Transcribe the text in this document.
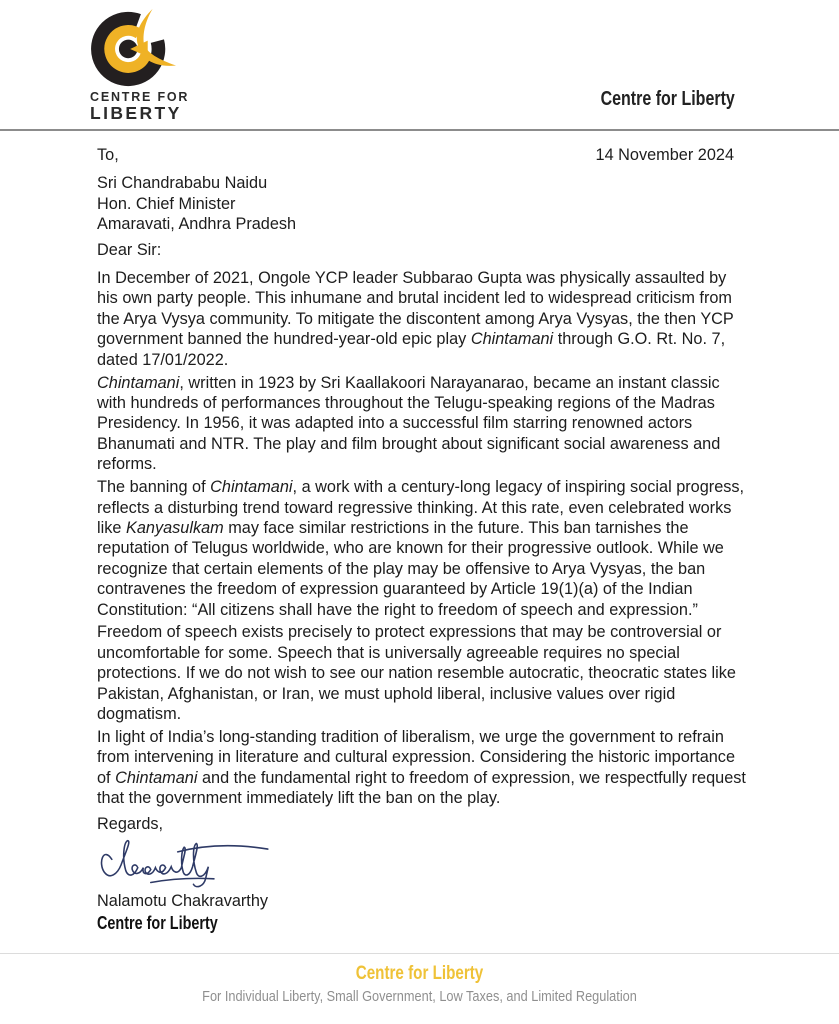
CENTRE FOR
LIBERTY
Centre for Liberty
To,	14 November 2024
Sri Chandrababu Naidu
Hon. Chief Minister
Amaravati, Andhra Pradesh
Dear Sir:

In December of 2021, Ongole YCP leader Subbarao Gupta was physically assaulted by his own party people. This inhumane and brutal incident led to widespread criticism from the Arya Vysya community. To mitigate the discontent among Arya Vysyas, the then YCP government banned the hundred-year-old epic play Chintamani through G.O. Rt. No. 7, dated 17/01/2022.

Chintamani, written in 1923 by Sri Kaallakoori Narayanarao, became an instant classic with hundreds of performances throughout the Telugu-speaking regions of the Madras Presidency. In 1956, it was adapted into a successful film starring renowned actors Bhanumati and NTR. The play and film brought about significant social awareness and reforms.

The banning of Chintamani, a work with a century-long legacy of inspiring social progress, reflects a disturbing trend toward regressive thinking. At this rate, even celebrated works like Kanyasulkam may face similar restrictions in the future. This ban tarnishes the reputation of Telugus worldwide, who are known for their progressive outlook. While we recognize that certain elements of the play may be offensive to Arya Vysyas, the ban contravenes the freedom of expression guaranteed by Article 19(1)(a) of the Indian Constitution: “All citizens shall have the right to freedom of speech and expression.”

Freedom of speech exists precisely to protect expressions that may be controversial or uncomfortable for some. Speech that is universally agreeable requires no special protections. If we do not wish to see our nation resemble autocratic, theocratic states like Pakistan, Afghanistan, or Iran, we must uphold liberal, inclusive values over rigid dogmatism.

In light of India’s long-standing tradition of liberalism, we urge the government to refrain from intervening in literature and cultural expression. Considering the historic importance of Chintamani and the fundamental right to freedom of expression, we respectfully request that the government immediately lift the ban on the play.

Regards,
Nalamotu Chakravarthy
Centre for Liberty
Centre for Liberty
For Individual Liberty, Small Government, Low Taxes, and Limited Regulation
